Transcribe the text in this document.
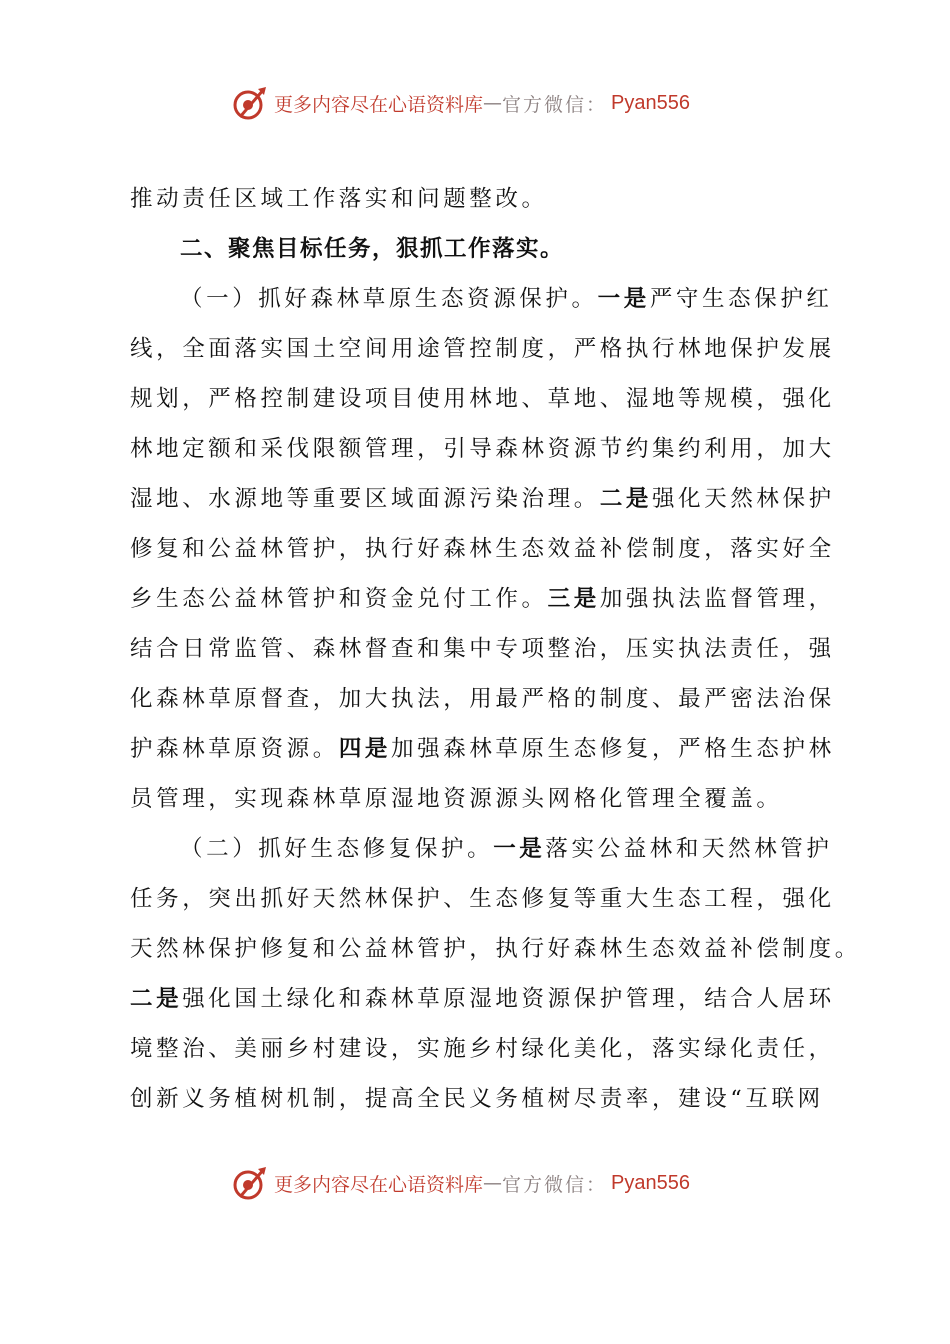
更多内容尽在心语资料库 — 官方微信： Pyan556
推动责任区域工作落实和问题整改。
二、聚焦目标任务，狠抓工作落实。
（一）抓好森林草原生态资源保护。一是严守生态保护红
线，全面落实国土空间用途管控制度，严格执行林地保护发展
规划，严格控制建设项目使用林地、草地、湿地等规模，强化
林地定额和采伐限额管理，引导森林资源节约集约利用，加大
湿地、水源地等重要区域面源污染治理。二是强化天然林保护
修复和公益林管护，执行好森林生态效益补偿制度，落实好全
乡生态公益林管护和资金兑付工作。三是加强执法监督管理，
结合日常监管、森林督查和集中专项整治，压实执法责任，强
化森林草原督查，加大执法，用最严格的制度、最严密法治保
护森林草原资源。四是加强森林草原生态修复，严格生态护林
员管理，实现森林草原湿地资源源头网格化管理全覆盖。
（二）抓好生态修复保护。一是落实公益林和天然林管护
任务，突出抓好天然林保护、生态修复等重大生态工程，强化
天然林保护修复和公益林管护，执行好森林生态效益补偿制度。
二是强化国土绿化和森林草原湿地资源保护管理，结合人居环
境整治、美丽乡村建设，实施乡村绿化美化，落实绿化责任，
创新义务植树机制，提高全民义务植树尽责率，建设“互联网
更多内容尽在心语资料库 — 官方微信： Pyan556
